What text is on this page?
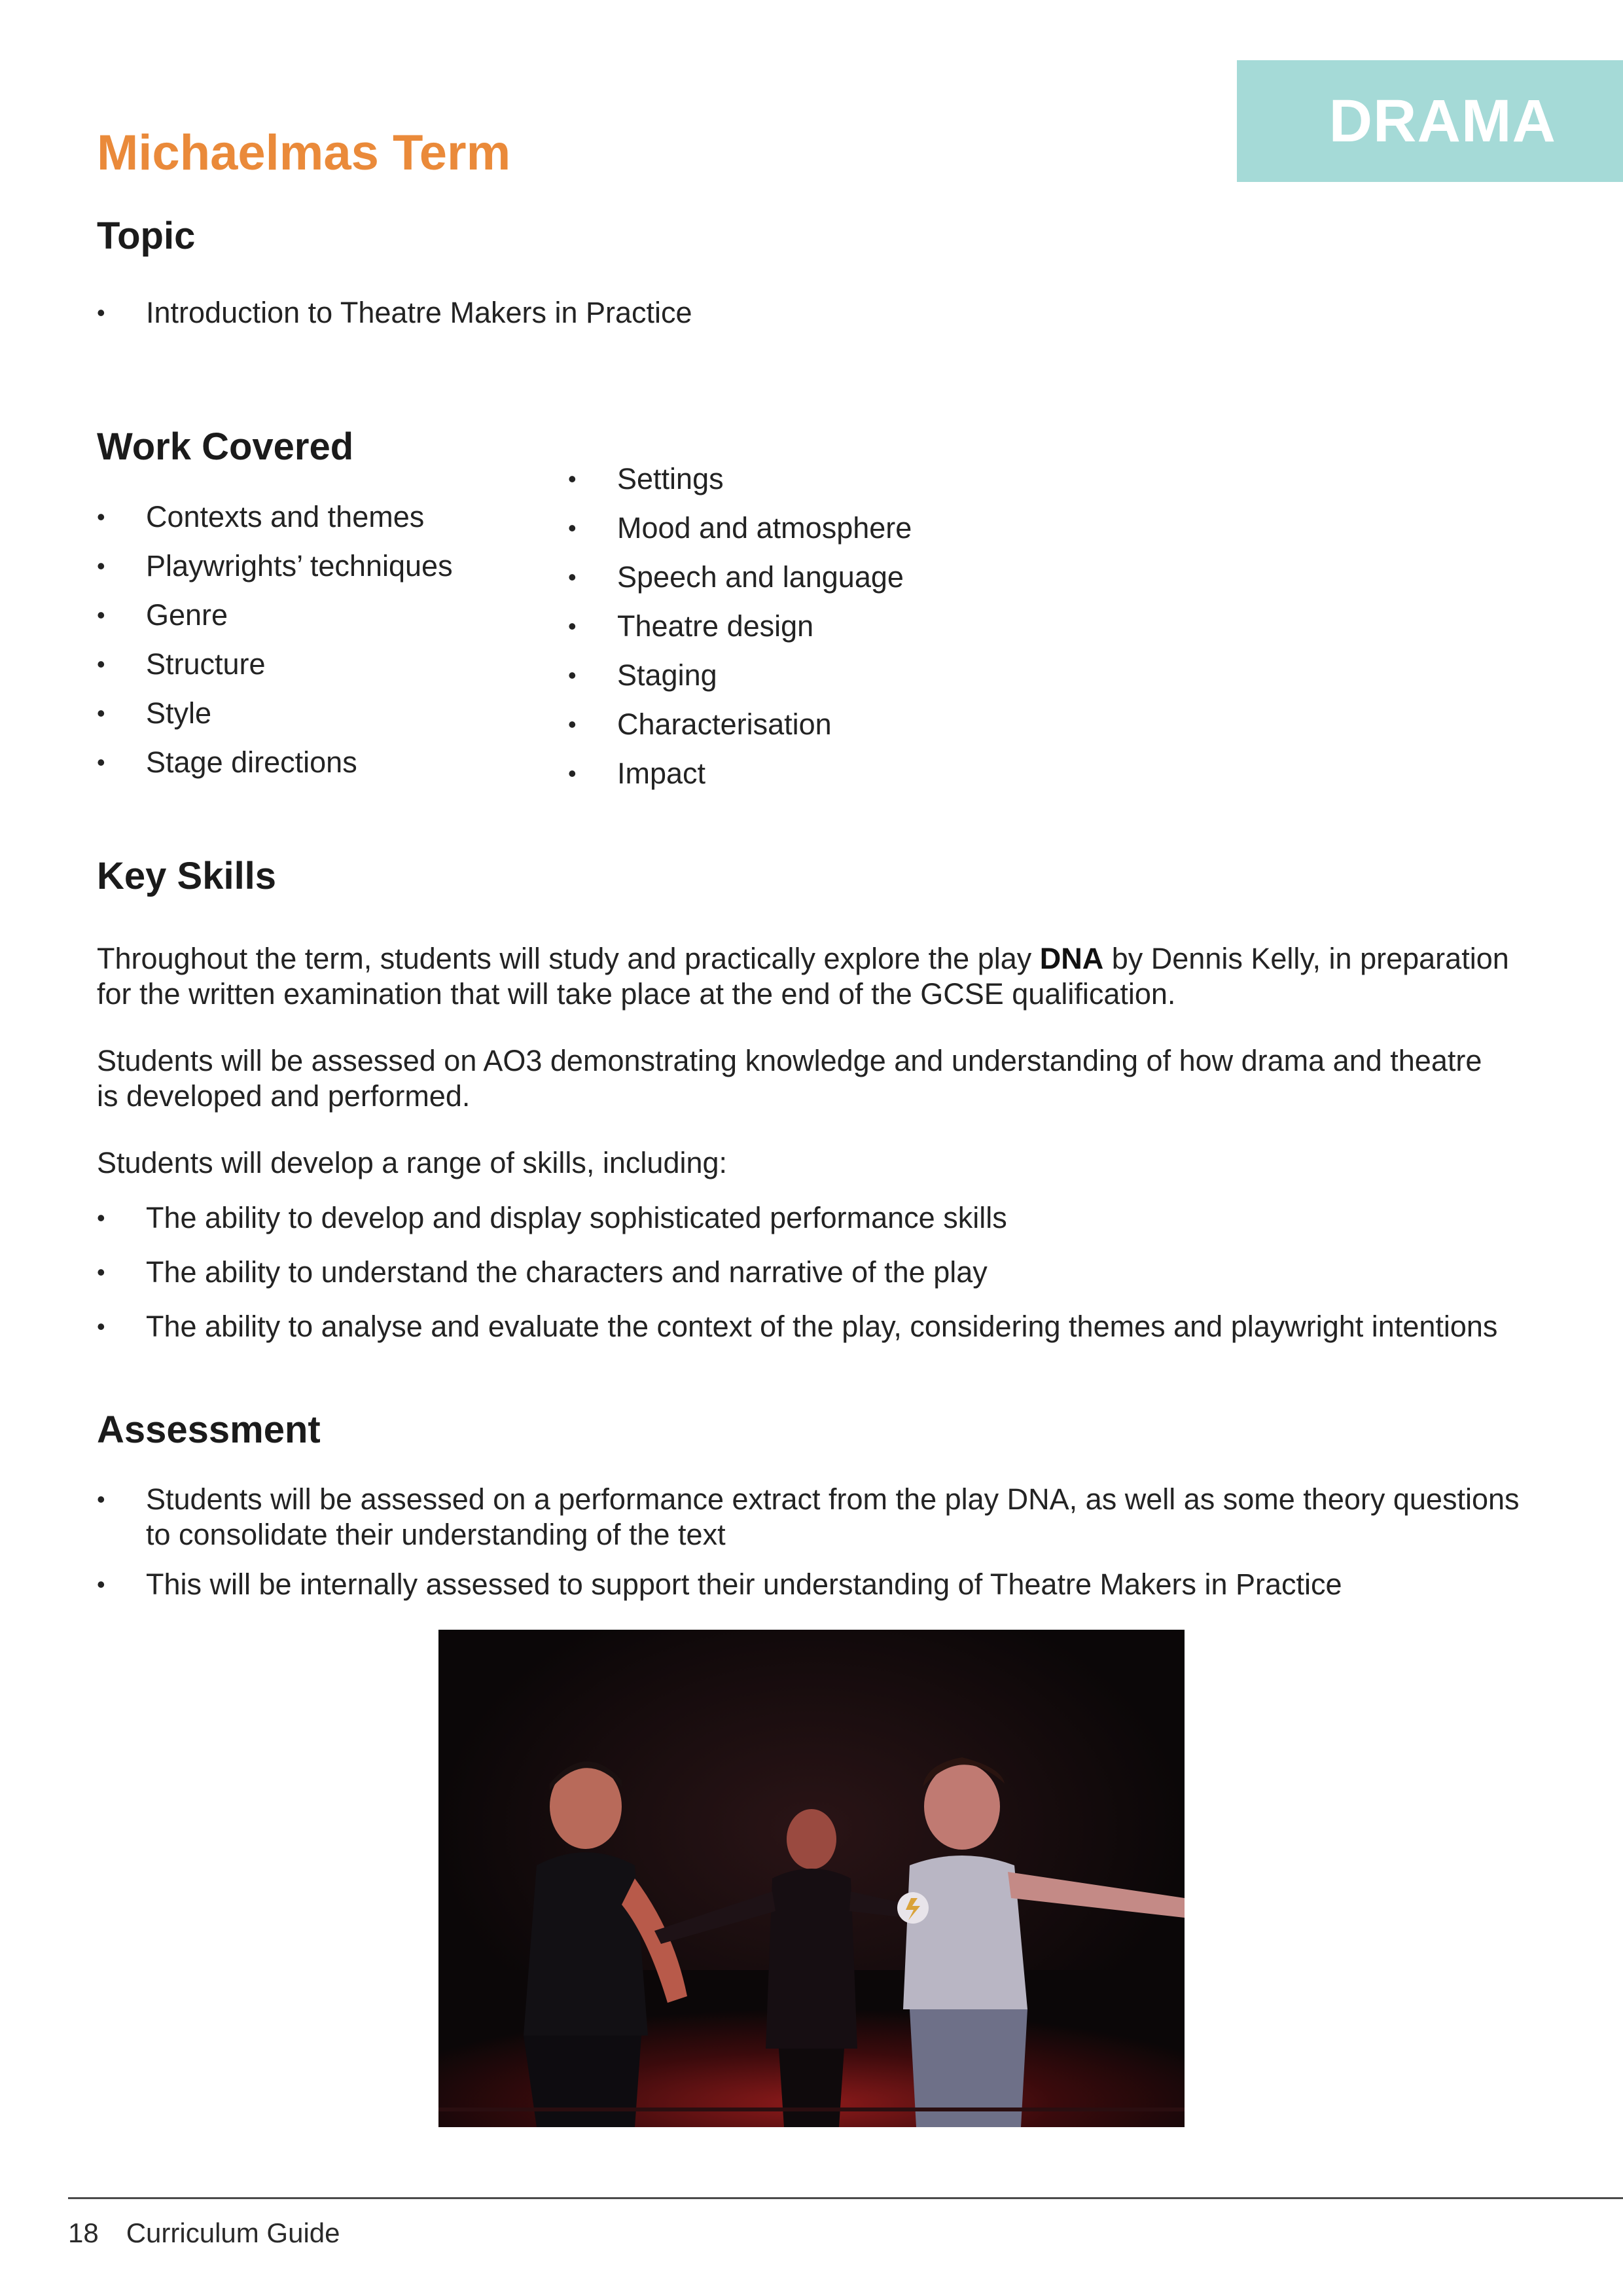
DRAMA
Michaelmas Term
Topic
• Introduction to Theatre Makers in Practice
Work Covered
• Contexts and themes
• Playwrights’ techniques
• Genre
• Structure
• Style
• Stage directions
• Settings
• Mood and atmosphere
• Speech and language
• Theatre design
• Staging
• Characterisation
• Impact
Key Skills

Throughout the term, students will study and practically explore the play DNA by Dennis Kelly, in preparation for the written examination that will take place at the end of the GCSE qualification.

Students will be assessed on AO3 demonstrating knowledge and understanding of how drama and theatre is developed and performed.

Students will develop a range of skills, including:

• The ability to develop and display sophisticated performance skills
• The ability to understand the characters and narrative of the play
• The ability to analyse and evaluate the context of the play, considering themes and playwright intentions
Assessment
• Students will be assessed on a performance extract from the play DNA, as well as some theory questions to consolidate their understanding of the text
• This will be internally assessed to support their understanding of Theatre Makers in Practice
18 Curriculum Guide
